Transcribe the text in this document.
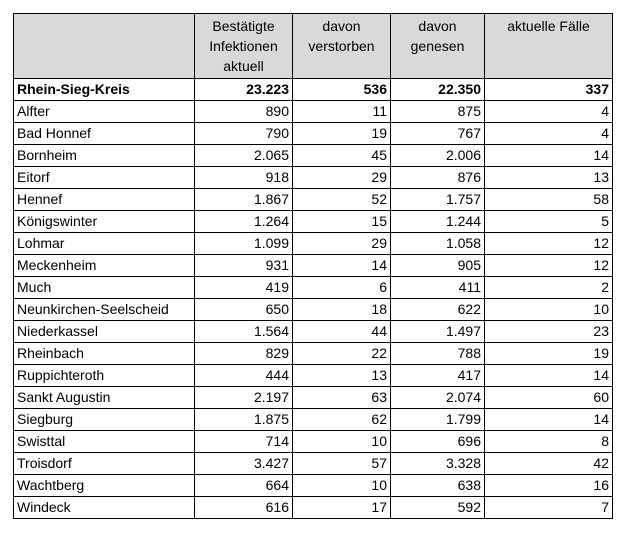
	Bestätigte Infektionen aktuell	davon verstorben	davon genesen	aktuelle Fälle
Rhein-Sieg-Kreis	23.223	536	22.350	337
Alfter	890	11	875	4
Bad Honnef	790	19	767	4
Bornheim	2.065	45	2.006	14
Eitorf	918	29	876	13
Hennef	1.867	52	1.757	58
Königswinter	1.264	15	1.244	5
Lohmar	1.099	29	1.058	12
Meckenheim	931	14	905	12
Much	419	6	411	2
Neunkirchen-Seelscheid	650	18	622	10
Niederkassel	1.564	44	1.497	23
Rheinbach	829	22	788	19
Ruppichteroth	444	13	417	14
Sankt Augustin	2.197	63	2.074	60
Siegburg	1.875	62	1.799	14
Swisttal	714	10	696	8
Troisdorf	3.427	57	3.328	42
Wachtberg	664	10	638	16
Windeck	616	17	592	7
